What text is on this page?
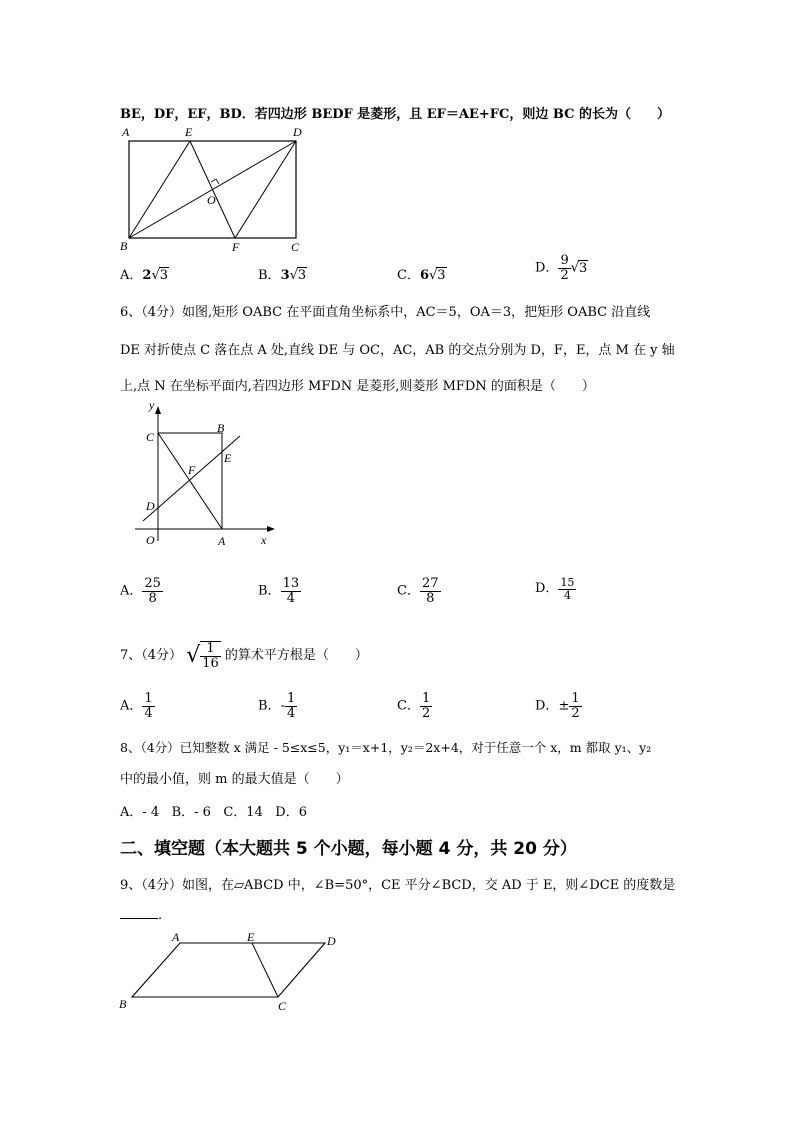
BE，DF，EF，BD．若四边形 BEDF 是菱形，且 EF＝AE+FC，则边 BC 的长为（　　）
A	E	D
O
B	F	C
A．2√3	B．3√3	C．6√3	D． $\frac{9}{2} √3$
6、（4分）如图,矩形 OABC 在平面直角坐标系中，AC＝5，OA＝3，把矩形 OABC 沿直线
DE 对折使点 C 落在点 A 处,直线 DE 与 OC，AC，AB 的交点分别为 D，F，E，点 M 在 y 轴
上,点 N 在坐标平面内,若四边形 MFDN 是菱形,则菱形 MFDN 的面积是（　　）
y
C
B
E
F
D
O	A	x
A． $\frac{25}{8}$	B． $\frac{13}{4}$	C． $\frac{27}{8}$	D． $\frac{15}{4}$
7、（4分） √ $\frac{1}{16}$ 的算术平方根是（　　）
A． $\frac{1}{4}$	B．- $\frac{1}{4}$	C． $\frac{1}{2}$	D．± $\frac{1}{2}$
8、（4分）已知整数 x 满足 - 5≤x≤5，y₁＝x+1，y₂＝2x+4，对于任意一个 x，m 都取 y₁、y₂
中的最小值，则 m 的最大值是（　　）
A．- 4 B．- 6 C．14 D．6
二、填空题（本大题共 5 个小题，每小题 4 分，共 20 分）
9、（4分）如图，在▱ABCD 中，∠B=50°，CE 平分∠BCD，交 AD 于 E，则∠DCE 的度数是
.
A	E	D
B	C
